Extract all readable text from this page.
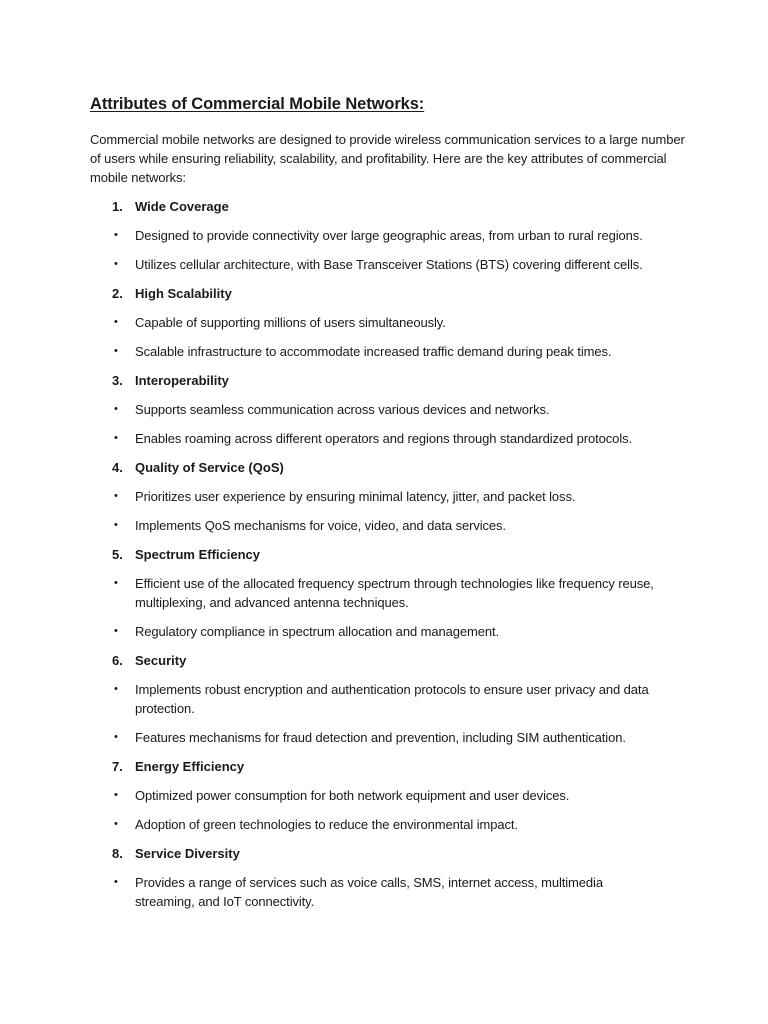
Attributes of Commercial Mobile Networks:

Commercial mobile networks are designed to provide wireless communication services to a large number of users while ensuring reliability, scalability, and profitability. Here are the key attributes of commercial mobile networks:

1. Wide Coverage
•	Designed to provide connectivity over large geographic areas, from urban to rural regions.
•	Utilizes cellular architecture, with Base Transceiver Stations (BTS) covering different cells.
2. High Scalability
•	Capable of supporting millions of users simultaneously.
•	Scalable infrastructure to accommodate increased traffic demand during peak times.
3. Interoperability
•	Supports seamless communication across various devices and networks.
•	Enables roaming across different operators and regions through standardized protocols.
4. Quality of Service (QoS)
•	Prioritizes user experience by ensuring minimal latency, jitter, and packet loss.
•	Implements QoS mechanisms for voice, video, and data services.
5. Spectrum Efficiency
•	Efficient use of the allocated frequency spectrum through technologies like frequency reuse, multiplexing, and advanced antenna techniques.
•	Regulatory compliance in spectrum allocation and management.
6. Security
•	Implements robust encryption and authentication protocols to ensure user privacy and data protection.
•	Features mechanisms for fraud detection and prevention, including SIM authentication.
7. Energy Efficiency
•	Optimized power consumption for both network equipment and user devices.
•	Adoption of green technologies to reduce the environmental impact.
8. Service Diversity
•	Provides a range of services such as voice calls, SMS, internet access, multimedia streaming, and IoT connectivity.
